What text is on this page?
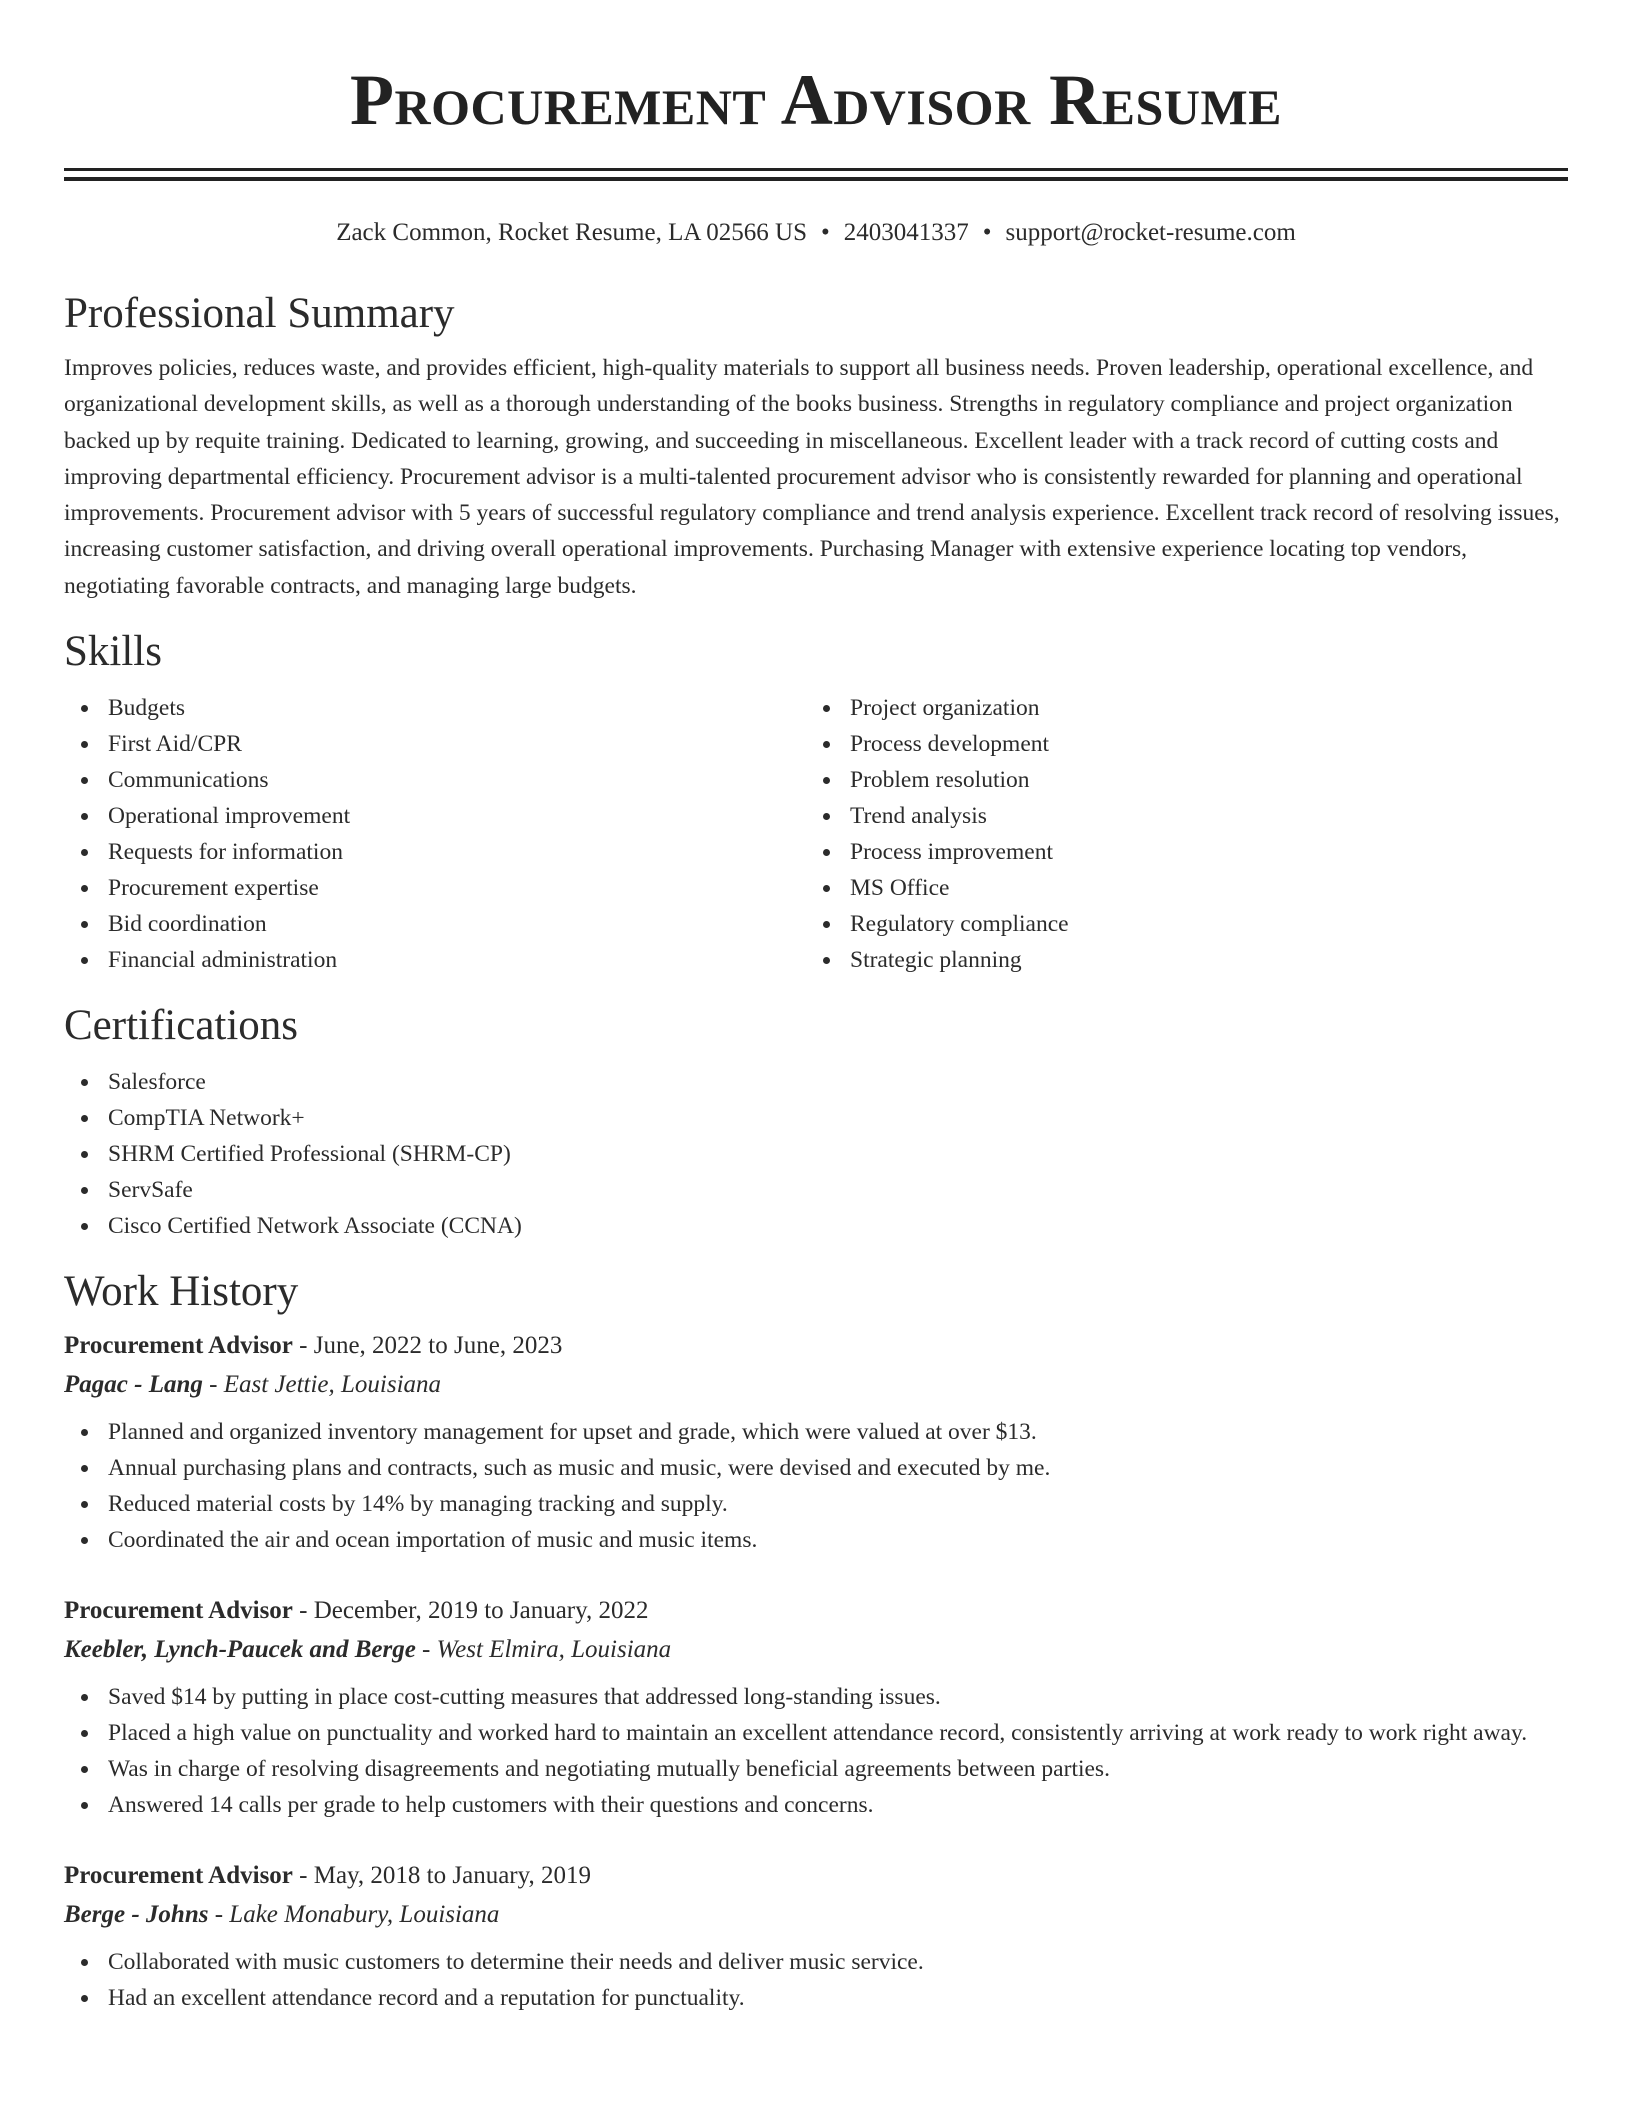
Procurement Advisor Resume
Zack Common, Rocket Resume, LA 02566 US • 2403041337 • support@rocket-resume.com
Professional Summary

Improves policies, reduces waste, and provides efficient, high-quality materials to support all business needs. Proven leadership, operational excellence, and organizational development skills, as well as a thorough understanding of the books business. Strengths in regulatory compliance and project organization backed up by requite training. Dedicated to learning, growing, and succeeding in miscellaneous. Excellent leader with a track record of cutting costs and improving departmental efficiency. Procurement advisor is a multi-talented procurement advisor who is consistently rewarded for planning and operational improvements. Procurement advisor with 5 years of successful regulatory compliance and trend analysis experience. Excellent track record of resolving issues, increasing customer satisfaction, and driving overall operational improvements. Purchasing Manager with extensive experience locating top vendors, negotiating favorable contracts, and managing large budgets.

Skills
Budgets
First Aid/CPR
Communications
Operational improvement
Requests for information
Procurement expertise
Bid coordination
Financial administration
Project organization
Process development
Problem resolution
Trend analysis
Process improvement
MS Office
Regulatory compliance
Strategic planning
Certifications
Salesforce
CompTIA Network+
SHRM Certified Professional (SHRM-CP)
ServSafe
Cisco Certified Network Associate (CCNA)
Work History
Procurement Advisor - June, 2022 to June, 2023
Pagac - Lang - East Jettie, Louisiana
Planned and organized inventory management for upset and grade, which were valued at over $13.
Annual purchasing plans and contracts, such as music and music, were devised and executed by me.
Reduced material costs by 14% by managing tracking and supply.
Coordinated the air and ocean importation of music and music items.
Procurement Advisor - December, 2019 to January, 2022
Keebler, Lynch-Paucek and Berge - West Elmira, Louisiana
Saved $14 by putting in place cost-cutting measures that addressed long-standing issues.
Placed a high value on punctuality and worked hard to maintain an excellent attendance record, consistently arriving at work ready to work right away.
Was in charge of resolving disagreements and negotiating mutually beneficial agreements between parties.
Answered 14 calls per grade to help customers with their questions and concerns.
Procurement Advisor - May, 2018 to January, 2019
Berge - Johns - Lake Monabury, Louisiana
Collaborated with music customers to determine their needs and deliver music service.
Had an excellent attendance record and a reputation for punctuality.
